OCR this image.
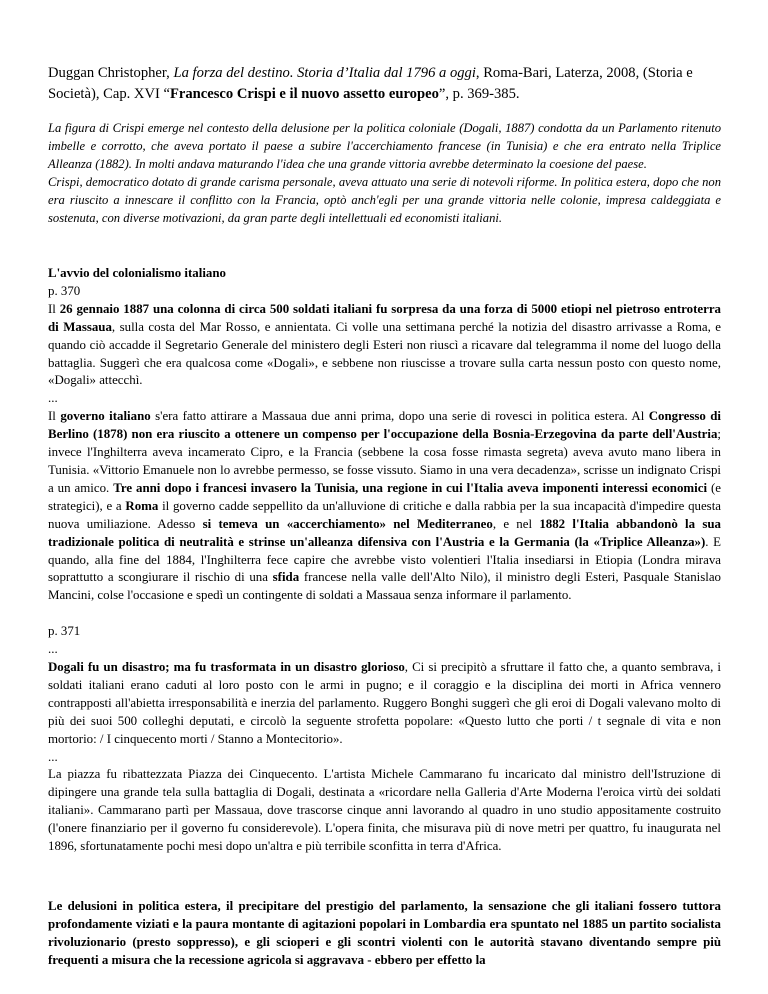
Duggan Christopher, La forza del destino. Storia d’Italia dal 1796 a oggi, Roma-Bari, Laterza, 2008, (Storia e Società), Cap. XVI “Francesco Crispi e il nuovo assetto europeo”, p. 369-385.

La figura di Crispi emerge nel contesto della delusione per la politica coloniale (Dogali, 1887) condotta da un Parlamento ritenuto imbelle e corrotto, che aveva portato il paese a subire l'accerchiamento francese (in Tunisia) e che era entrato nella Triplice Alleanza (1882). In molti andava maturando l'idea che una grande vittoria avrebbe determinato la coesione del paese.

Crispi, democratico dotato di grande carisma personale, aveva attuato una serie di notevoli riforme. In politica estera, dopo che non era riuscito a innescare il conflitto con la Francia, optò anch'egli per una grande vittoria nelle colonie, impresa caldeggiata e sostenuta, con diverse motivazioni, da gran parte degli intellettuali ed economisti italiani.

L'avvio del colonialismo italiano

p. 370

Il 26 gennaio 1887 una colonna di circa 500 soldati italiani fu sorpresa da una forza di 5000 etiopi nel pietroso entroterra di Massaua, sulla costa del Mar Rosso, e annientata. Ci volle una settimana perché la notizia del disastro arrivasse a Roma, e quando ciò accadde il Segretario Generale del ministero degli Esteri non riuscì a ricavare dal telegramma il nome del luogo della battaglia. Suggerì che era qualcosa come «Dogali», e sebbene non riuscisse a trovare sulla carta nessun posto con questo nome, «Dogali» attecchì.

...

Il governo italiano s'era fatto attirare a Massaua due anni prima, dopo una serie di rovesci in politica estera. Al Congresso di Berlino (1878) non era riuscito a ottenere un compenso per l'occupazione della Bosnia-Erzegovina da parte dell'Austria; invece l'Inghilterra aveva incamerato Cipro, e la Francia (sebbene la cosa fosse rimasta segreta) aveva avuto mano libera in Tunisia. «Vittorio Emanuele non lo avrebbe permesso, se fosse vissuto. Siamo in una vera decadenza», scrisse un indignato Crispi a un amico. Tre anni dopo i francesi invasero la Tunisia, una regione in cui l'Italia aveva imponenti interessi economici (e strategici), e a Roma il governo cadde seppellito da un'alluvione di critiche e dalla rabbia per la sua incapacità d'impedire questa nuova umiliazione. Adesso si temeva un «accerchiamento» nel Mediterraneo, e nel 1882 l'Italia abbandonò la sua tradizionale politica di neutralità e strinse un'alleanza difensiva con l'Austria e la Germania (la «Triplice Alleanza»). E quando, alla fine del 1884, l'Inghilterra fece capire che avrebbe visto volentieri l'Italia insediarsi in Etiopia (Londra mirava soprattutto a scongiurare il rischio di una sfida francese nella valle dell'Alto Nilo), il ministro degli Esteri, Pasquale Stanislao Mancini, colse l'occasione e spedì un contingente di soldati a Massaua senza informare il parlamento.

p. 371

...

Dogali fu un disastro; ma fu trasformata in un disastro glorioso, Ci si precipitò a sfruttare il fatto che, a quanto sembrava, i soldati italiani erano caduti al loro posto con le armi in pugno; e il coraggio e la disciplina dei morti in Africa vennero contrapposti all'abietta irresponsabilità e inerzia del parlamento. Ruggero Bonghi suggerì che gli eroi di Dogali valevano molto di più dei suoi 500 colleghi deputati, e circolò la seguente strofetta popolare: «Questo lutto che porti / t segnale di vita e non mortorio: / I cinquecento morti / Stanno a Montecitorio».

...

La piazza fu ribattezzata Piazza dei Cinquecento. L'artista Michele Cammarano fu incaricato dal ministro dell'Istruzione di dipingere una grande tela sulla battaglia di Dogali, destinata a «ricordare nella Galleria d'Arte Moderna l'eroica virtù dei soldati italiani». Cammarano partì per Massaua, dove trascorse cinque anni lavorando al quadro in uno studio appositamente costruito (l'onere finanziario per il governo fu considerevole). L'opera finita, che misurava più di nove metri per quattro, fu inaugurata nel 1896, sfortunatamente pochi mesi dopo un'altra e più terribile sconfitta in terra d'Africa.

Le delusioni in politica estera, il precipitare del prestigio del parlamento, la sensazione che gli italiani fossero tuttora profondamente viziati e la paura montante di agitazioni popolari in Lombardia era spuntato nel 1885 un partito socialista rivoluzionario (presto soppresso), e gli scioperi e gli scontri violenti con le autorità stavano diventando sempre più frequenti a misura che la recessione agricola si aggravava - ebbero per effetto la
